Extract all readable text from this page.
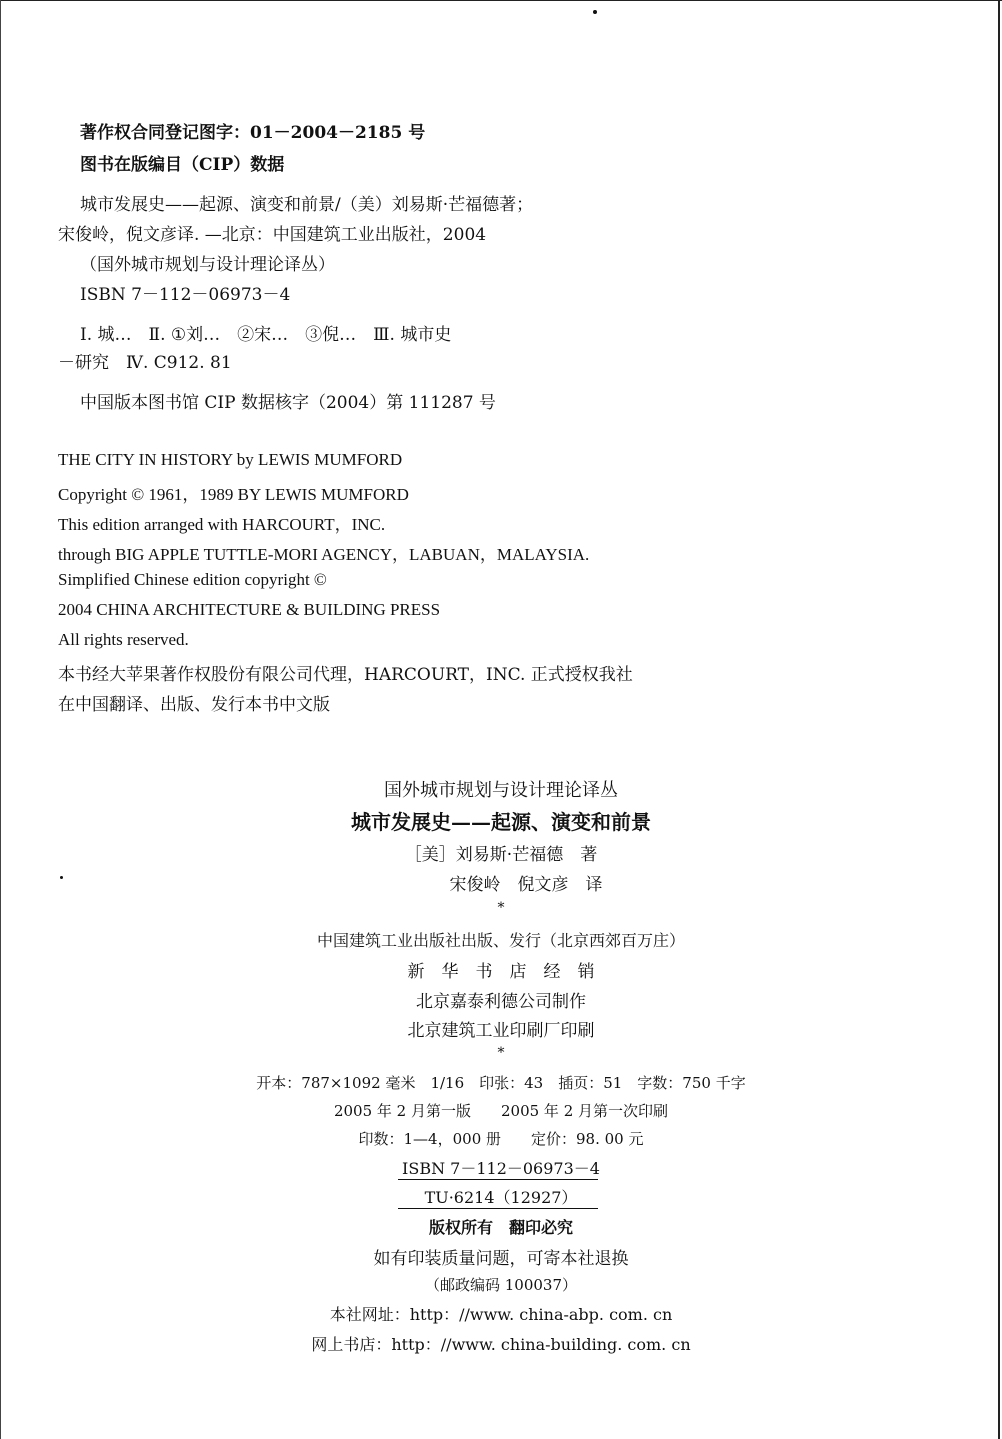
著作权合同登记图字：01－2004－2185 号
图书在版编目（CIP）数据
城市发展史——起源、演变和前景/（美）刘易斯·芒福德著；
宋俊岭，倪文彦译. —北京：中国建筑工业出版社，2004
（国外城市规划与设计理论译丛）
ISBN 7－112－06973－4
Ⅰ. 城…　Ⅱ. ①刘…　②宋…　③倪…　Ⅲ. 城市史
－研究　Ⅳ. C912. 81
中国版本图书馆 CIP 数据核字（2004）第 111287 号
THE CITY IN HISTORY by LEWIS MUMFORD
Copyright © 1961，1989 BY LEWIS MUMFORD
This edition arranged with HARCOURT，INC.
through BIG APPLE TUTTLE-MORI AGENCY，LABUAN，MALAYSIA.
Simplified Chinese edition copyright ©
2004 CHINA ARCHITECTURE & BUILDING PRESS
All rights reserved.
本书经大苹果著作权股份有限公司代理，HARCOURT，INC. 正式授权我社
在中国翻译、出版、发行本书中文版
国外城市规划与设计理论译丛
城市发展史——起源、演变和前景
［美］刘易斯·芒福德　著
宋俊岭　倪文彦　译
*
中国建筑工业出版社出版、发行（北京西郊百万庄）
新　华　书　店　经　销
北京嘉泰利德公司制作
北京建筑工业印刷厂印刷
*
开本：787×1092 毫米　1/16　印张：43　插页：51　字数：750 千字
2005 年 2 月第一版　　2005 年 2 月第一次印刷
印数：1—4，000 册　　定价：98. 00 元
ISBN 7－112－06973－4
TU·6214（12927）
版权所有　翻印必究
如有印装质量问题，可寄本社退换
（邮政编码 100037）
本社网址：http：//www. china-abp. com. cn
网上书店：http：//www. china-building. com. cn
